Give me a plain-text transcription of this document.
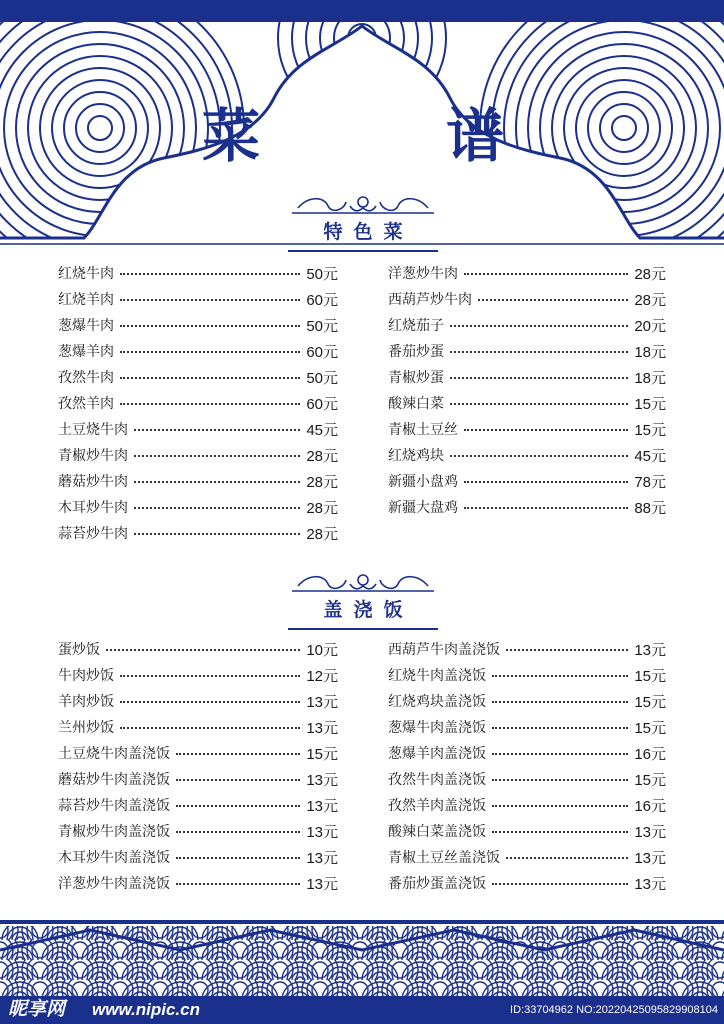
菜	谱
特色菜
红烧牛肉	50元
红烧羊肉	60元
葱爆牛肉	50元
葱爆羊肉	60元
孜然牛肉	50元
孜然羊肉	60元
土豆烧牛肉	45元
青椒炒牛肉	28元
蘑菇炒牛肉	28元
木耳炒牛肉	28元
蒜苔炒牛肉	28元
洋葱炒牛肉	28元
西葫芦炒牛肉	28元
红烧茄子	20元
番茄炒蛋	18元
青椒炒蛋	18元
酸辣白菜	15元
青椒土豆丝	15元
红烧鸡块	45元
新疆小盘鸡	78元
新疆大盘鸡	88元
盖浇饭
蛋炒饭	10元
牛肉炒饭	12元
羊肉炒饭	13元
兰州炒饭	13元
土豆烧牛肉盖浇饭	15元
蘑菇炒牛肉盖浇饭	13元
蒜苔炒牛肉盖浇饭	13元
青椒炒牛肉盖浇饭	13元
木耳炒牛肉盖浇饭	13元
洋葱炒牛肉盖浇饭	13元
西葫芦牛肉盖浇饭	13元
红烧牛肉盖浇饭	15元
红烧鸡块盖浇饭	15元
葱爆牛肉盖浇饭	15元
葱爆羊肉盖浇饭	16元
孜然牛肉盖浇饭	15元
孜然羊肉盖浇饭	16元
酸辣白菜盖浇饭	13元
青椒土豆丝盖浇饭	13元
番茄炒蛋盖浇饭	13元
昵享网 www.nipic.cn	ID:33704962 NO:20220425095829908104
